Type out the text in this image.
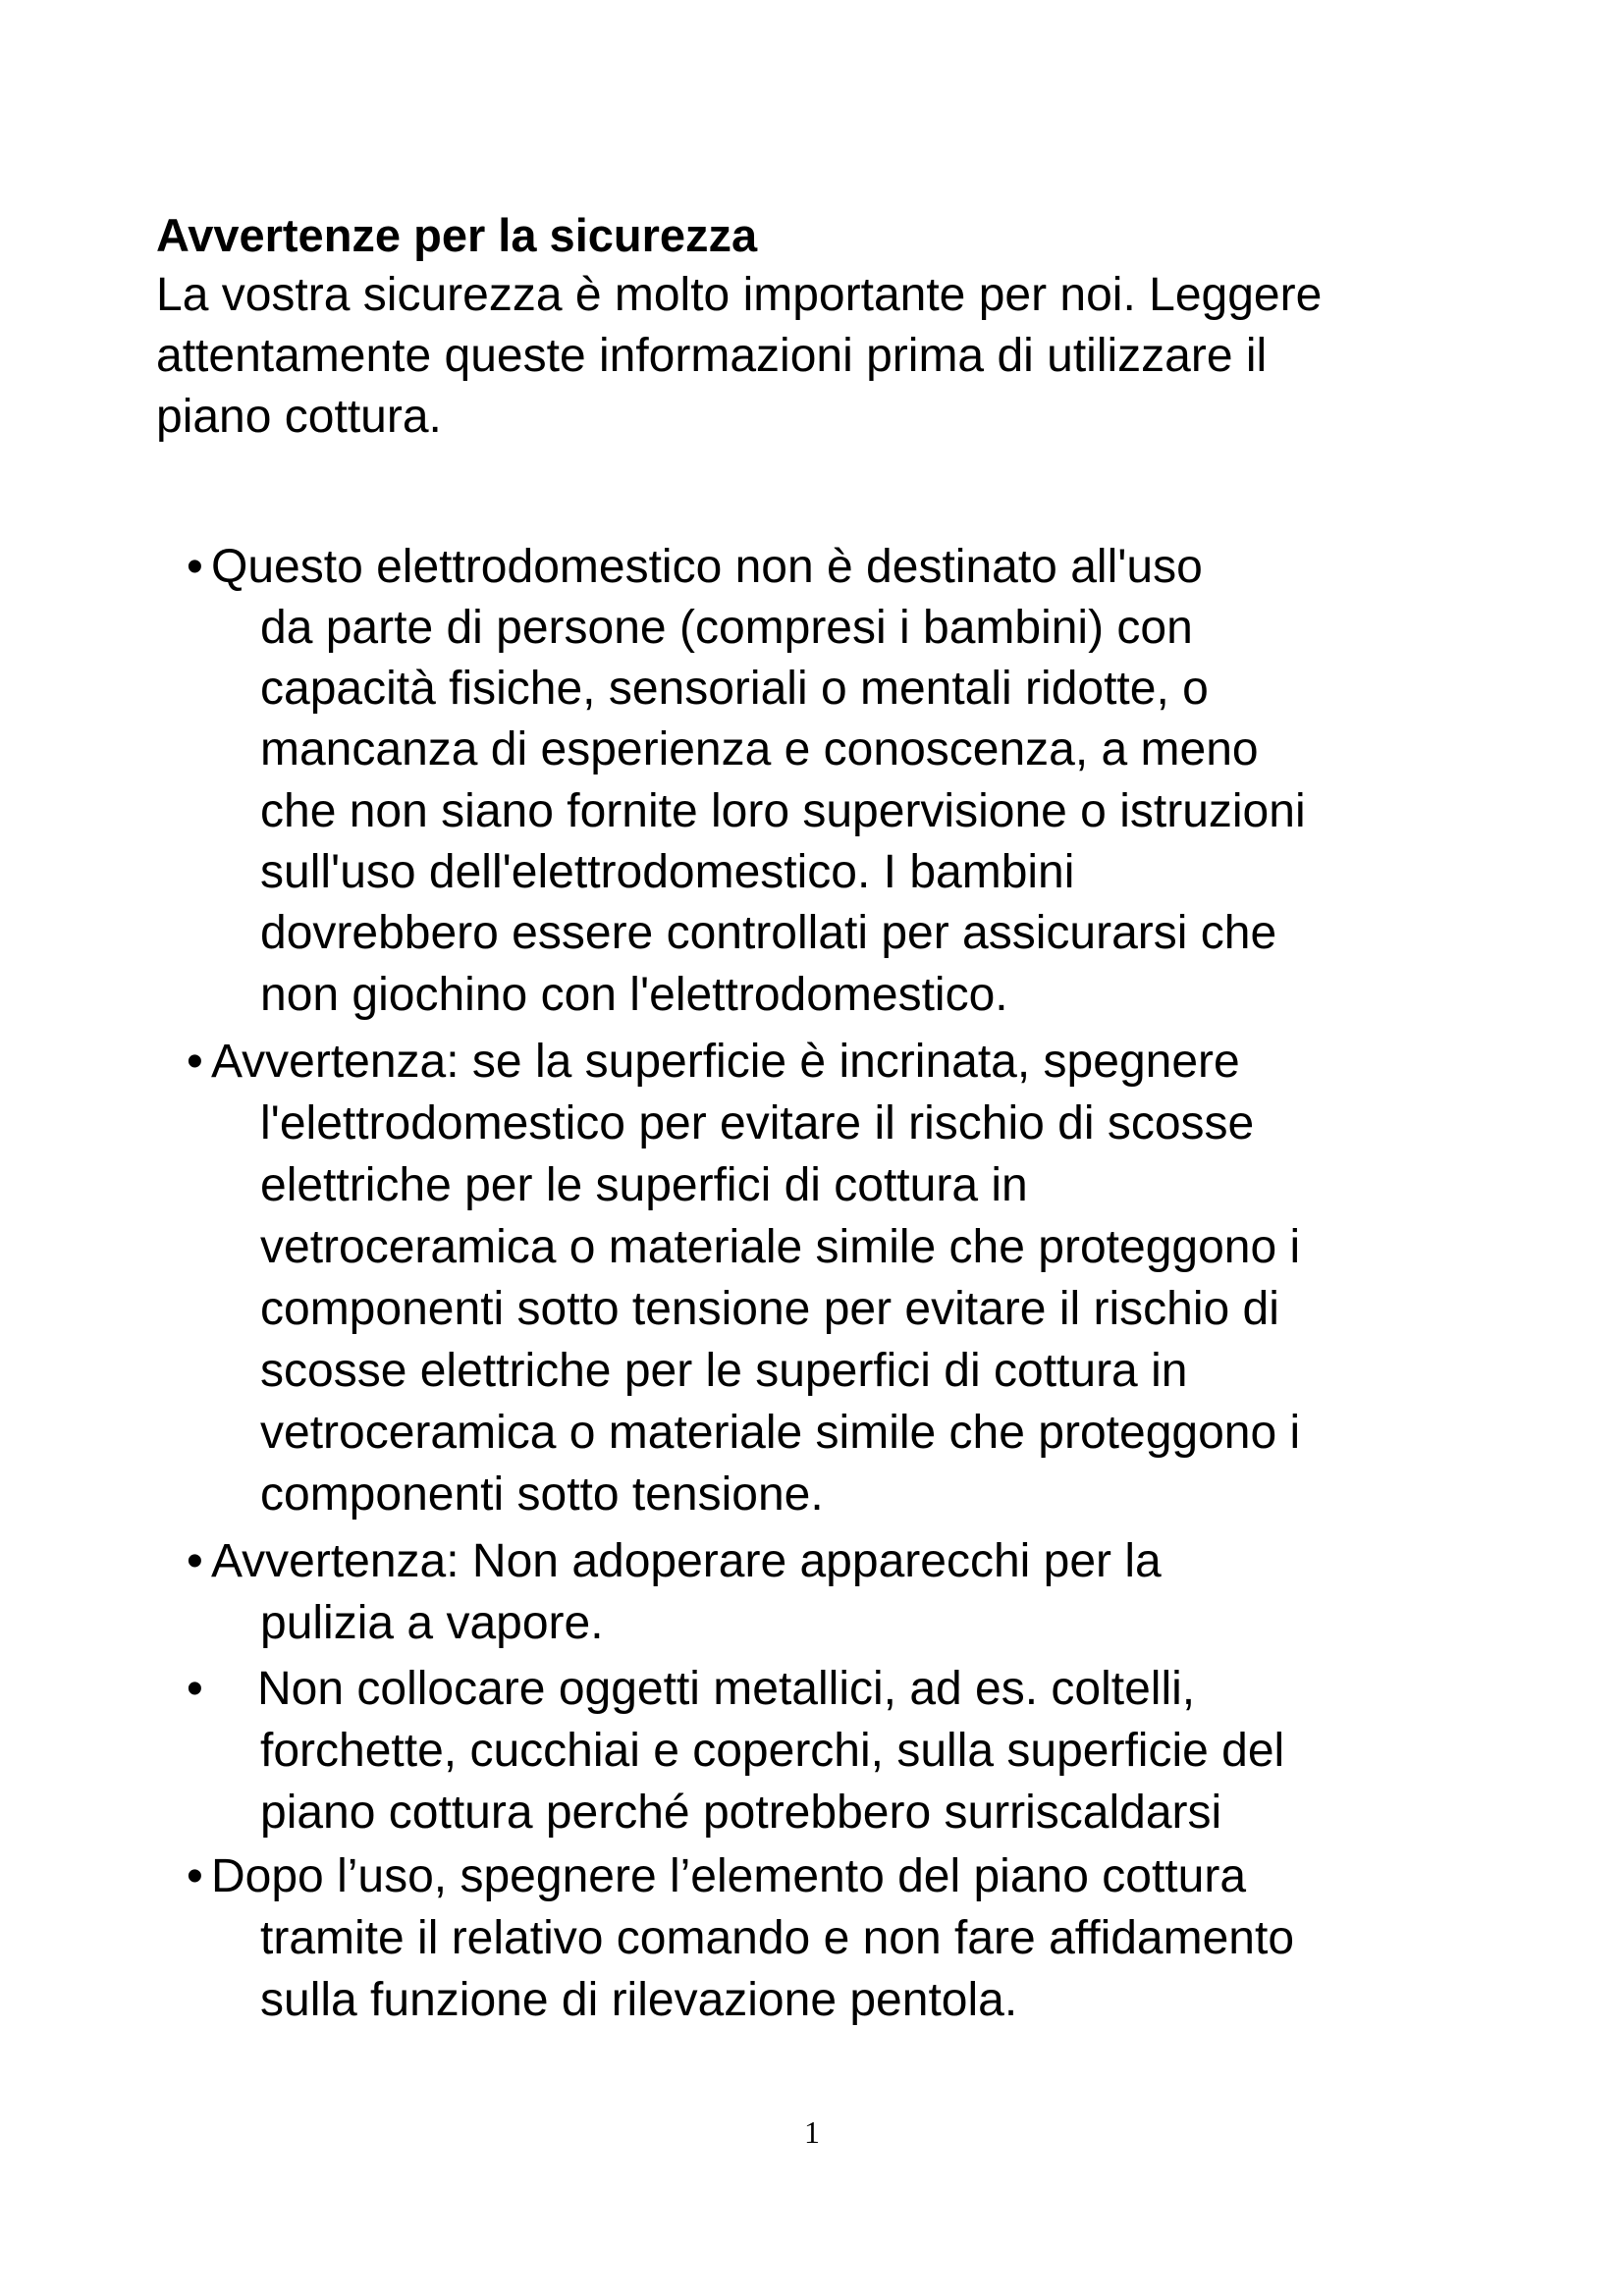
Avvertenze per la sicurezza
La vostra sicurezza è molto importante per noi. Leggere
attentamente queste informazioni prima di utilizzare il
piano cottura.
• Questo elettrodomestico non è destinato all'uso
da parte di persone (compresi i bambini) con
capacità fisiche, sensoriali o mentali ridotte, o
mancanza di esperienza e conoscenza, a meno
che non siano fornite loro supervisione o istruzioni
sull'uso dell'elettrodomestico. I bambini
dovrebbero essere controllati per assicurarsi che
non giochino con l'elettrodomestico.
• Avvertenza: se la superficie è incrinata, spegnere
l'elettrodomestico per evitare il rischio di scosse
elettriche per le superfici di cottura in
vetroceramica o materiale simile che proteggono i
componenti sotto tensione per evitare il rischio di
scosse elettriche per le superfici di cottura in
vetroceramica o materiale simile che proteggono i
componenti sotto tensione.
• Avvertenza: Non adoperare apparecchi per la
pulizia a vapore.
• Non collocare oggetti metallici, ad es. coltelli,
forchette, cucchiai e coperchi, sulla superficie del
piano cottura perché potrebbero surriscaldarsi
• Dopo l’uso, spegnere l’elemento del piano cottura
tramite il relativo comando e non fare affidamento
sulla funzione di rilevazione pentola.
1
